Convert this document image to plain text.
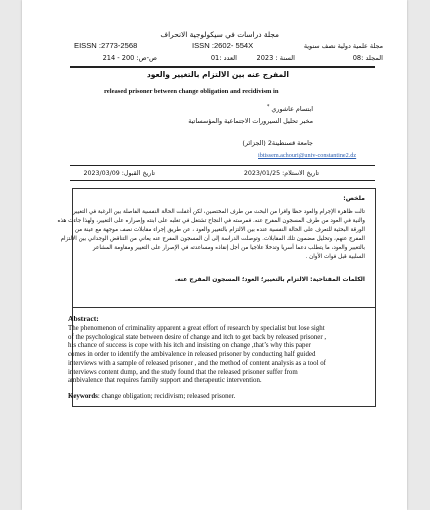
مجلة دراسات في سيكولوجية الانحراف
مجلة علمية دولية نصف سنوية
EISSN :2773-2568	ISSN :2602- 554X
المجلد :08
العدد :01	السنة : 2023
ص-ص: 200 - 214
المفرج عنه بين الالتزام بالتغيير والعود
released prisoner between change obligation and recidivism in
ابتسام عاشوري *
مخبر تحليل السيرورات الاجتماعية والمؤسساتية
جامعة قسنطينة2 (الجزائر)
ibtissem.achouri@univ-constantine2.dz
تاريخ الاستلام: 2023/01/25
تاريخ القبول: 2023/03/09
ملخص:
تالت ظاهرة الإجرام والعود حظا وافرا من البحث من طرف المختصين، لكن أغفلت الحالة النفسية الفاصلة بين الرغبة في التغيير
والنية في العود من طرف المسجون المفرج عنه. فمرسته في النجاح تشتغل في تغلبه على ابنته وإصراره على التغيير، ولهذا جاءت هذه
الورقة البحثية للتعرف على الحالة النفسية عنده بين الالتزام بالتغيير والعود ، عن طريق إجراء مقابلات نصف موجهة مع عينة من
المفرج عنهم، وتحليل مضمون تلك المقابلات. وتوصلت الدراسة إلى أن المسجون المفرج عنه يعاني من التناقض الوجداني بين الالتزام
بالتغيير والعود، ما يتطلب دعما أسريا وتدخلا علاجيا من أجل إنقاذه ومساعدته في الإصرار على التغيير ومقاومة المشاعر
السلبية قبل فوات الأوان .
الكلمات المفتاحية: الالتزام بالتغيير؛ العود؛ المسجون المفرج عنه.
Abstract:
The phenomenon of criminality apparent a great effort of research by specialist but lose sight
of the psychological state between desire of change and itch to get back by released prisoner ,
his chance of success is cope with his itch and insisting on change ,that’s why this paper
comes in order to identify the ambivalence in released prisoner by conducting half guided
interviews with a sample of released prisoner , and the method of content analysis as a tool of
interviews content dump, and the study found that the released prisoner suffer from
ambivalence that requires family support and therapeutic intervention.
Keywords: change obligation; recidivism; released prisoner.
